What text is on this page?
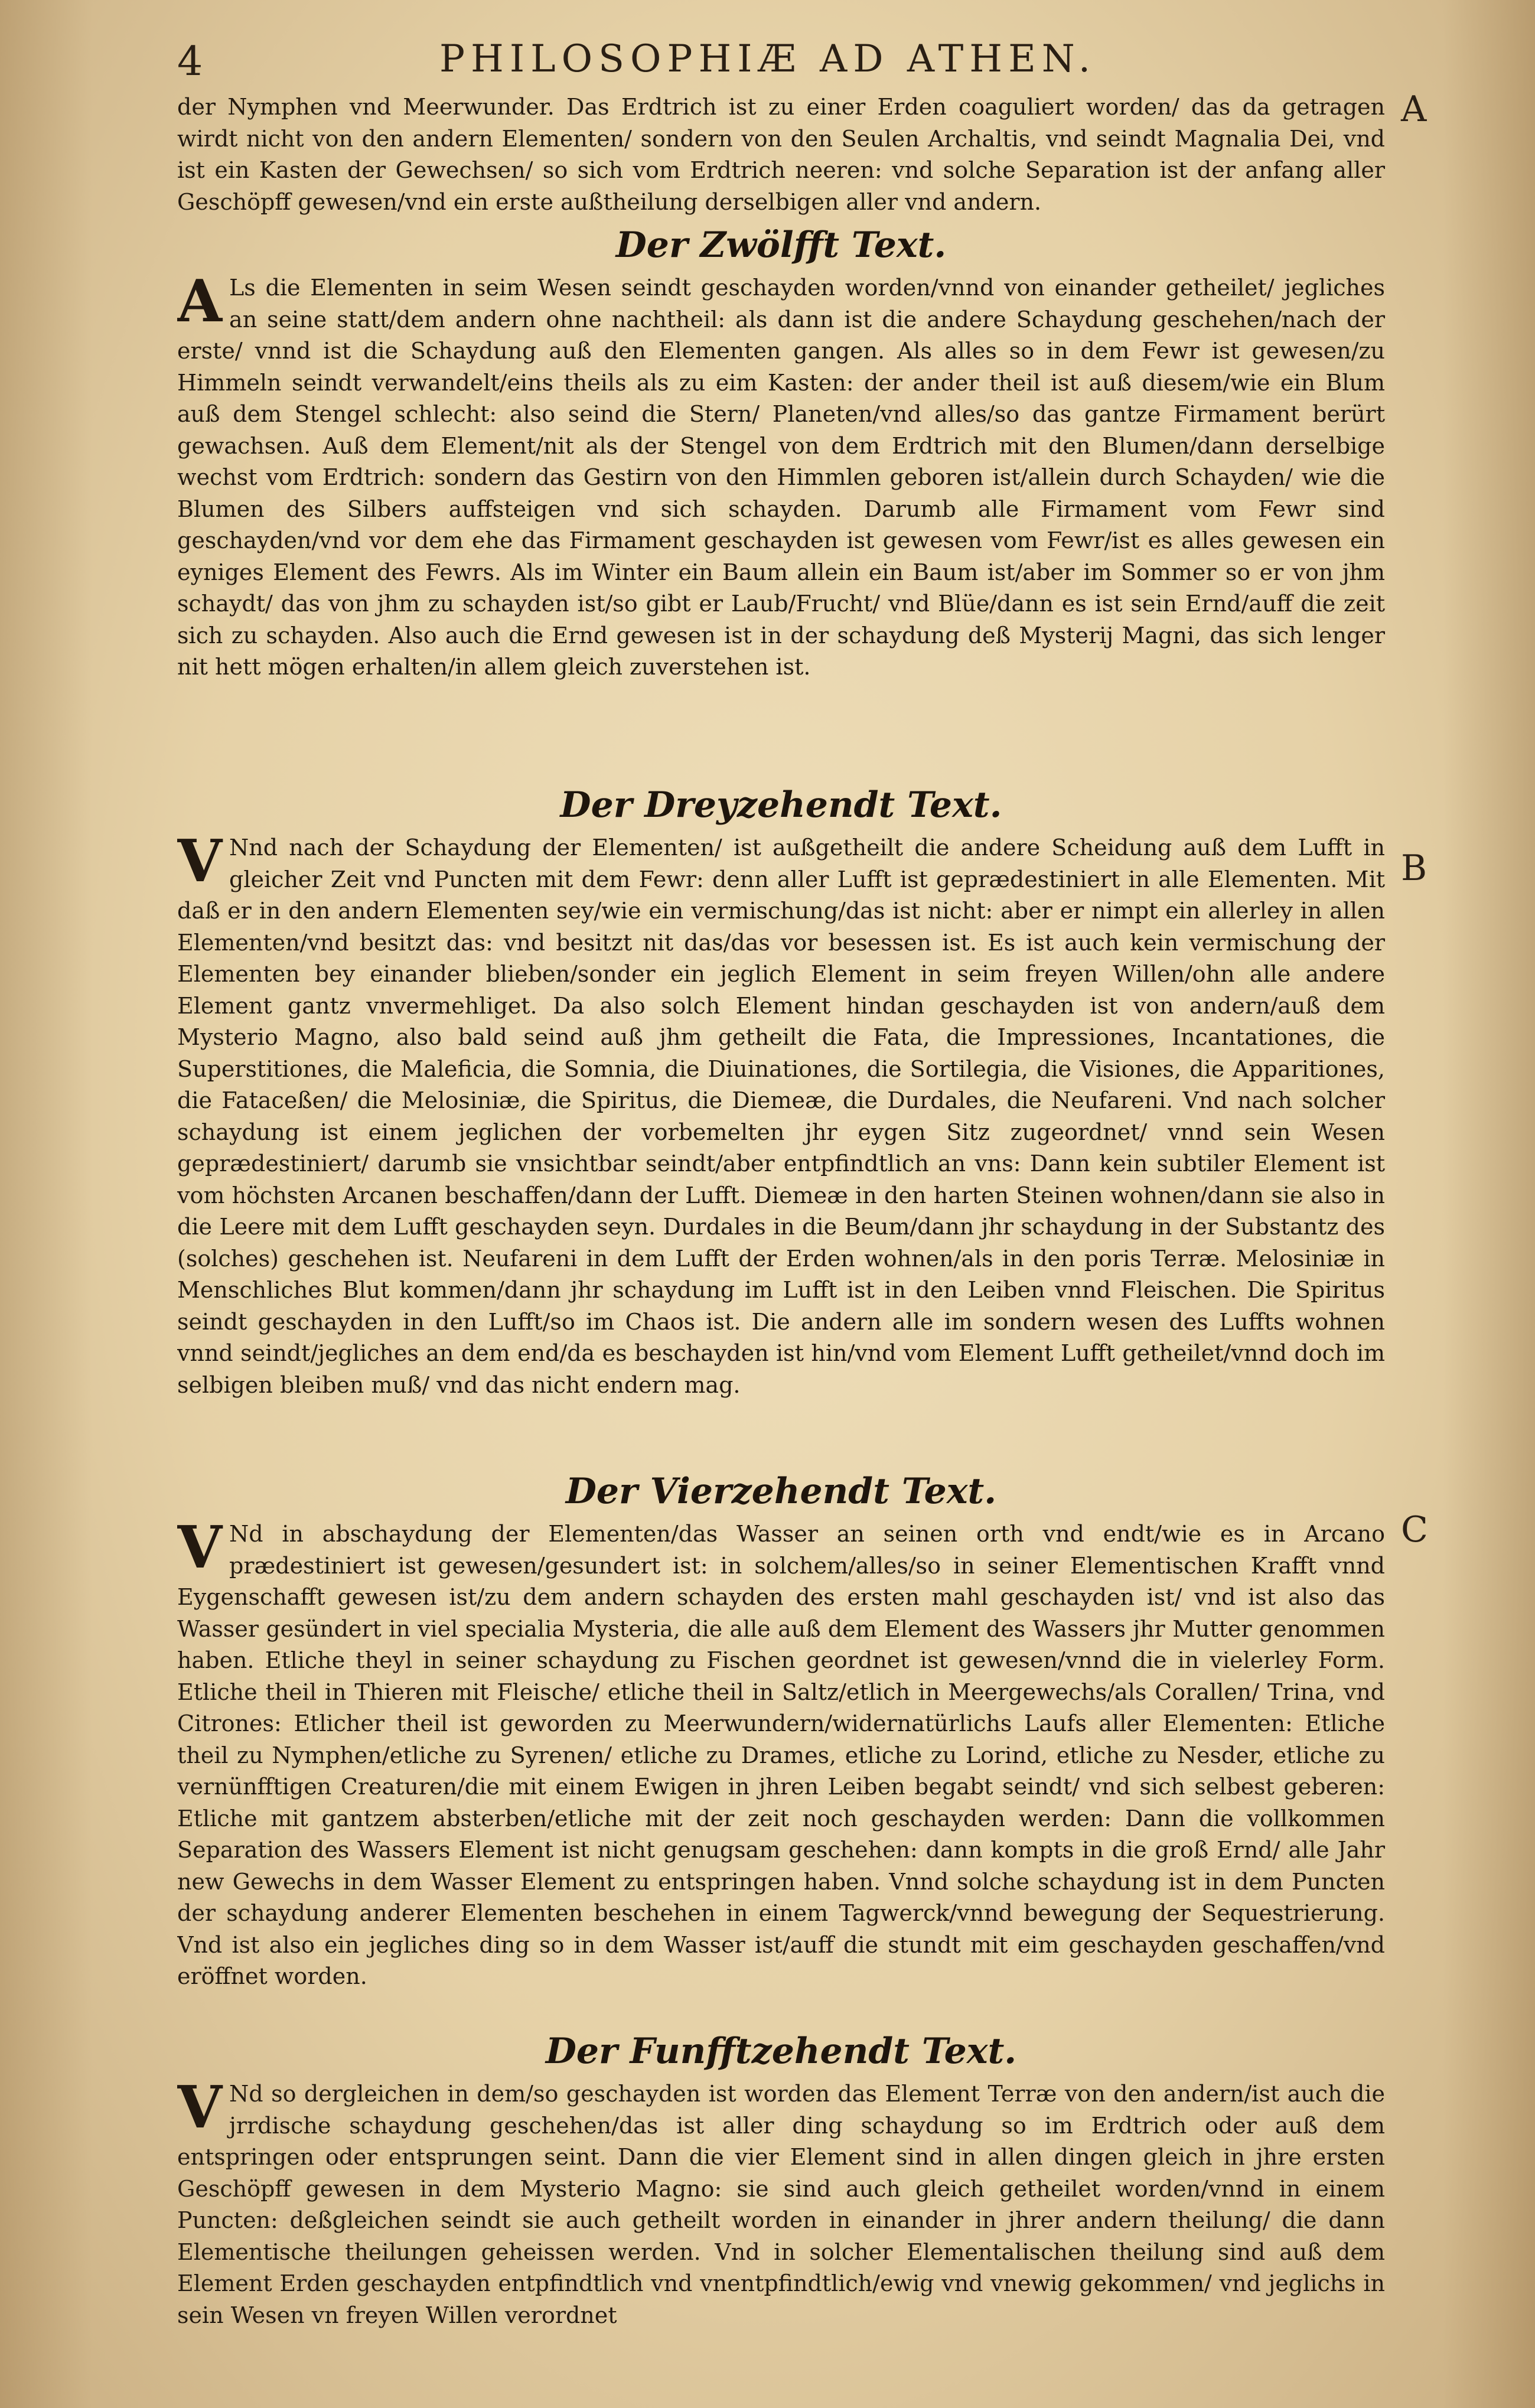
4	PHILOSOPHIÆ AD ATHEN.
A
B
C

der Nymphen vnd Meerwunder. Das Erdtrich ist zu einer Erden coaguliert worden/ das da getragen wirdt nicht von den andern Elementen/ sondern von den Seulen Archaltis, vnd seindt Magnalia Dei, vnd ist ein Kasten der Gewechsen/ so sich vom Erdtrich neeren: vnd solche Separation ist der anfang aller Geschöpff gewesen/vnd ein erste außtheilung derselbigen aller vnd andern.

Der Zwölfft Text.

ALs die Elementen in seim Wesen seindt geschayden worden/vnnd von einander getheilet/ jegliches an seine statt/dem andern ohne nachtheil: als dann ist die andere Schaydung geschehen/nach der erste/ vnnd ist die Schaydung auß den Elementen gangen. Als alles so in dem Fewr ist gewesen/zu Himmeln seindt verwandelt/eins theils als zu eim Kasten: der ander theil ist auß diesem/wie ein Blum auß dem Stengel schlecht: also seind die Stern/ Planeten/vnd alles/so das gantze Firmament berürt gewachsen. Auß dem Element/nit als der Stengel von dem Erdtrich mit den Blumen/dann derselbige wechst vom Erdtrich: sondern das Gestirn von den Himmlen geboren ist/allein durch Schayden/ wie die Blumen des Silbers auffsteigen vnd sich schayden. Darumb alle Firmament vom Fewr sind geschayden/vnd vor dem ehe das Firmament geschayden ist gewesen vom Fewr/ist es alles gewesen ein eyniges Element des Fewrs. Als im Winter ein Baum allein ein Baum ist/aber im Sommer so er von jhm schaydt/ das von jhm zu schayden ist/so gibt er Laub/Frucht/ vnd Blüe/dann es ist sein Ernd/auff die zeit sich zu schayden. Also auch die Ernd gewesen ist in der schaydung deß Mysterij Magni, das sich lenger nit hett mögen erhalten/in allem gleich zuverstehen ist.

Der Dreyzehendt Text.

VNnd nach der Schaydung der Elementen/ ist außgetheilt die andere Scheidung auß dem Lufft in gleicher Zeit vnd Puncten mit dem Fewr: denn aller Lufft ist geprædestiniert in alle Elementen. Mit daß er in den andern Elementen sey/wie ein vermischung/das ist nicht: aber er nimpt ein allerley in allen Elementen/vnd besitzt das: vnd besitzt nit das/das vor besessen ist. Es ist auch kein vermischung der Elementen bey einander blieben/sonder ein jeglich Element in seim freyen Willen/ohn alle andere Element gantz vnvermehliget. Da also solch Element hindan geschayden ist von andern/auß dem Mysterio Magno, also bald seind auß jhm getheilt die Fata, die Impressiones, Incantationes, die Superstitiones, die Maleficia, die Somnia, die Diuinationes, die Sortilegia, die Visiones, die Apparitiones, die Fataceßen/ die Melosiniæ, die Spiritus, die Diemeæ, die Durdales, die Neufareni. Vnd nach solcher schaydung ist einem jeglichen der vorbemelten jhr eygen Sitz zugeordnet/ vnnd sein Wesen geprædestiniert/ darumb sie vnsichtbar seindt/aber entpfindtlich an vns: Dann kein subtiler Element ist vom höchsten Arcanen beschaffen/dann der Lufft. Diemeæ in den harten Steinen wohnen/dann sie also in die Leere mit dem Lufft geschayden seyn. Durdales in die Beum/dann jhr schaydung in der Substantz des (solches) geschehen ist. Neufareni in dem Lufft der Erden wohnen/als in den poris Terræ. Melosiniæ in Menschliches Blut kommen/dann jhr schaydung im Lufft ist in den Leiben vnnd Fleischen. Die Spiritus seindt geschayden in den Lufft/so im Chaos ist. Die andern alle im sondern wesen des Luffts wohnen vnnd seindt/jegliches an dem end/da es beschayden ist hin/vnd vom Element Lufft getheilet/vnnd doch im selbigen bleiben muß/ vnd das nicht endern mag.

Der Vierzehendt Text.

VNd in abschaydung der Elementen/das Wasser an seinen orth vnd endt/wie es in Arcano prædestiniert ist gewesen/gesundert ist: in solchem/alles/so in seiner Elementischen Krafft vnnd Eygenschafft gewesen ist/zu dem andern schayden des ersten mahl geschayden ist/ vnd ist also das Wasser gesündert in viel specialia Mysteria, die alle auß dem Element des Wassers jhr Mutter genommen haben. Etliche theyl in seiner schaydung zu Fischen geordnet ist gewesen/vnnd die in vielerley Form. Etliche theil in Thieren mit Fleische/ etliche theil in Saltz/etlich in Meergewechs/als Corallen/ Trina, vnd Citrones: Etlicher theil ist geworden zu Meerwundern/widernatürlichs Laufs aller Elementen: Etliche theil zu Nymphen/etliche zu Syrenen/ etliche zu Drames, etliche zu Lorind, etliche zu Nesder, etliche zu vernünfftigen Creaturen/die mit einem Ewigen in jhren Leiben begabt seindt/ vnd sich selbest geberen: Etliche mit gantzem absterben/etliche mit der zeit noch geschayden werden: Dann die vollkommen Separation des Wassers Element ist nicht genugsam geschehen: dann kompts in die groß Ernd/ alle Jahr new Gewechs in dem Wasser Element zu entspringen haben. Vnnd solche schaydung ist in dem Puncten der schaydung anderer Elementen beschehen in einem Tagwerck/vnnd bewegung der Sequestrierung. Vnd ist also ein jegliches ding so in dem Wasser ist/auff die stundt mit eim geschayden geschaffen/vnd eröffnet worden.

Der Funfftzehendt Text.

VNd so dergleichen in dem/so geschayden ist worden das Element Terræ von den andern/ist auch die jrrdische schaydung geschehen/das ist aller ding schaydung so im Erdtrich oder auß dem entspringen oder entsprungen seint. Dann die vier Element sind in allen dingen gleich in jhre ersten Geschöpff gewesen in dem Mysterio Magno: sie sind auch gleich getheilet worden/vnnd in einem Puncten: deßgleichen seindt sie auch getheilt worden in einander in jhrer andern theilung/ die dann Elementische theilungen geheissen werden. Vnd in solcher Elementalischen theilung sind auß dem Element Erden geschayden entpfindtlich vnd vnentpfindtlich/ewig vnd vnewig gekommen/ vnd jeglichs in sein Wesen vn freyen Willen verordnet
